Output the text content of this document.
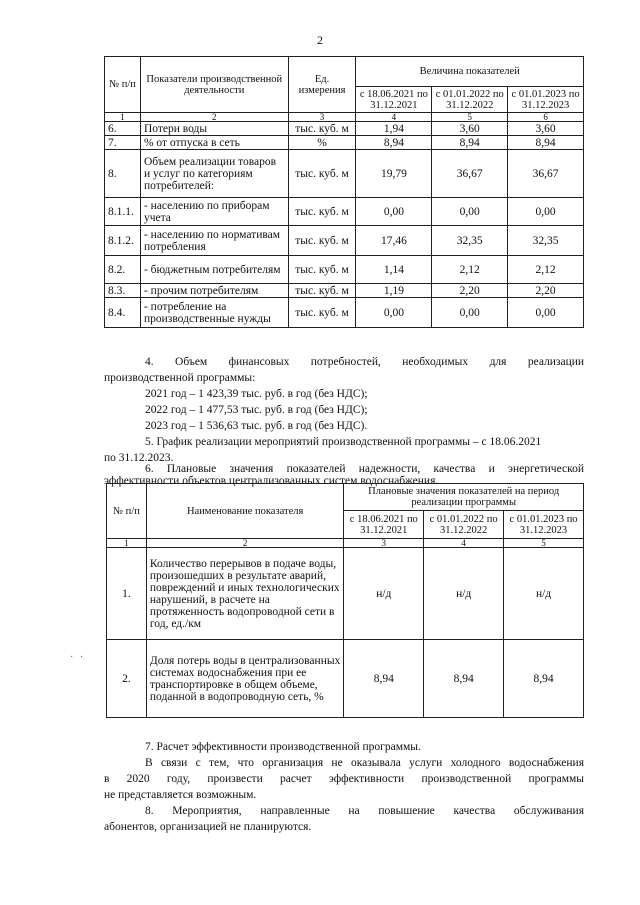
2
№ п/п	Показатели производственной деятельности	Ед. измерения	Величина показателей		
			с 18.06.2021 по 31.12.2021	с 01.01.2022 по 31.12.2022	с 01.01.2023 по 31.12.2023
1	2	3	4	5	6
6.	Потери воды	тыс. куб. м	1,94	3,60	3,60
7.	% от отпуска в сеть	%	8,94	8,94	8,94
8.	Объем реализации товаров и услуг по категориям потребителей:	тыс. куб. м	19,79	36,67	36,67
8.1.1.	- населению по приборам учета	тыс. куб. м	0,00	0,00	0,00
8.1.2.	- населению по нормативам потребления	тыс. куб. м	17,46	32,35	32,35
8.2.	- бюджетным потребителям	тыс. куб. м	1,14	2,12	2,12
8.3.	- прочим потребителям	тыс. куб. м	1,19	2,20	2,20
8.4.	- потребление на производственные нужды	тыс. куб. м	0,00	0,00	0,00
4. Объем финансовых потребностей, необходимых для реализации
производственной программы:
2021 год – 1 423,39 тыс. руб. в год (без НДС);
2022 год – 1 477,53 тыс. руб. в год (без НДС);
2023 год – 1 536,63 тыс. руб. в год (без НДС).
5. График реализации мероприятий производственной программы – с 18.06.2021
по 31.12.2023.
6. Плановые значения показателей надежности, качества и энергетической
эффективности объектов централизованных систем водоснабжения.
№ п/п	Наименование показателя	Плановые значения показателей на период реализации программы		
		с 18.06.2021 по 31.12.2021	с 01.01.2022 по 31.12.2022	с 01.01.2023 по 31.12.2023
1	2	3	4	5
1.	Количество перерывов в подаче воды, произошедших в результате аварий, повреждений и иных технологических нарушений, в расчете на протяженность водопроводной сети в год, ед./км	н/д	н/д	н/д
2.	Доля потерь воды в централизованных системах водоснабжения при ее транспортировке в общем объеме, поданной в водопроводную сеть, %	8,94	8,94	8,94
· ·
7. Расчет эффективности производственной программы.
В связи с тем, что организация не оказывала услуги холодного водоснабжения
в 2020 году, произвести расчет эффективности производственной программы
не представляется возможным.
8. Мероприятия, направленные на повышение качества обслуживания
абонентов, организацией не планируются.
